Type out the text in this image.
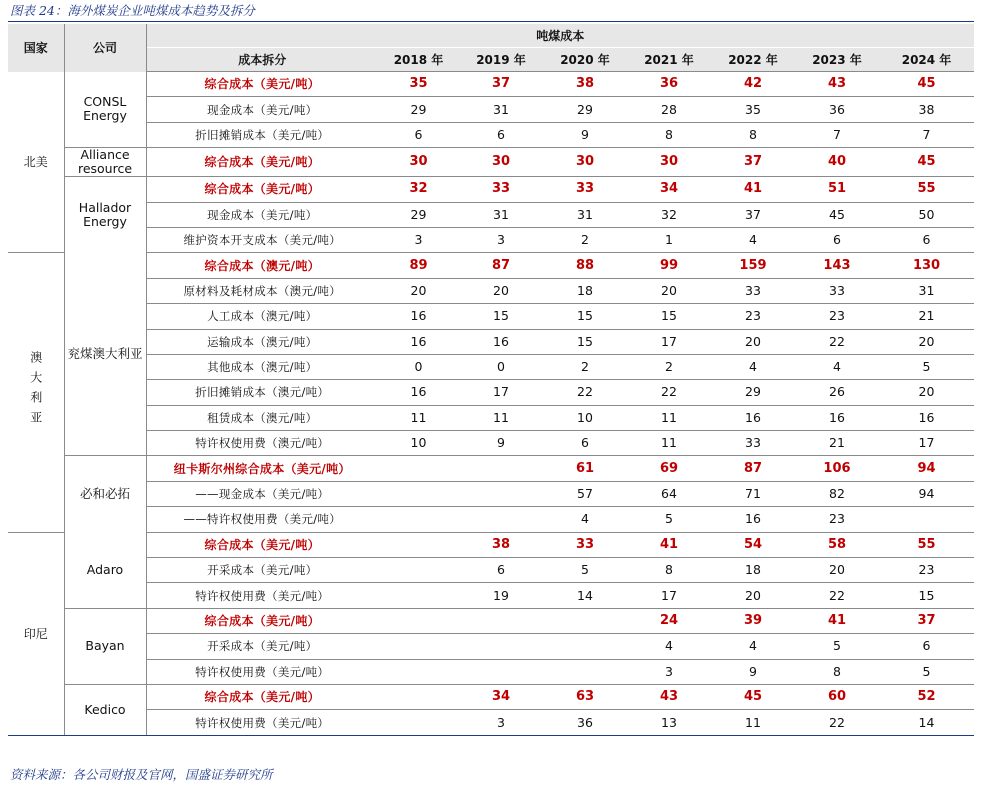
图表 24：海外煤炭企业吨煤成本趋势及拆分
国家	公司	吨煤成本							
		成本拆分	2018 年	2019 年	2020 年	2021 年	2022 年	2023 年	2024 年
北美	CONSL Energy	综合成本（美元/吨）	35	37	38	36	42	43	45
		现金成本（美元/吨）	29	31	29	28	35	36	38
		折旧摊销成本（美元/吨）	6	6	9	8	8	7	7
	Alliance resource	综合成本（美元/吨）	30	30	30	30	37	40	45
	Hallador Energy	综合成本（美元/吨）	32	33	33	34	41	51	55
		现金成本（美元/吨）	29	31	31	32	37	45	50
		维护资本开支成本（美元/吨）	3	3	2	1	4	6	6
澳大利亚	兖煤澳大利亚	综合成本（澳元/吨）	89	87	88	99	159	143	130
		原材料及耗材成本（澳元/吨）	20	20	18	20	33	33	31
		人工成本（澳元/吨）	16	15	15	15	23	23	21
		运输成本（澳元/吨）	16	16	15	17	20	22	20
		其他成本（澳元/吨）	0	0	2	2	4	4	5
		折旧摊销成本（澳元/吨）	16	17	22	22	29	26	20
		租赁成本（澳元/吨）	11	11	10	11	16	16	16
		特许权使用费（澳元/吨）	10	9	6	11	33	21	17
	必和必拓	纽卡斯尔州综合成本（美元/吨）			61	69	87	106	94
		——现金成本（美元/吨）			57	64	71	82	94
		——特许权使用费（美元/吨）			4	5	16	23	
印尼	Adaro	综合成本（美元/吨）		38	33	41	54	58	55
		开采成本（美元/吨）		6	5	8	18	20	23
		特许权使用费（美元/吨）		19	14	17	20	22	15
	Bayan	综合成本（美元/吨）				24	39	41	37
		开采成本（美元/吨）				4	4	5	6
		特许权使用费（美元/吨）				3	9	8	5
	Kedico	综合成本（美元/吨）		34	63	43	45	60	52
		特许权使用费（美元/吨）		3	36	13	11	22	14
资料来源：各公司财报及官网，国盛证券研究所
